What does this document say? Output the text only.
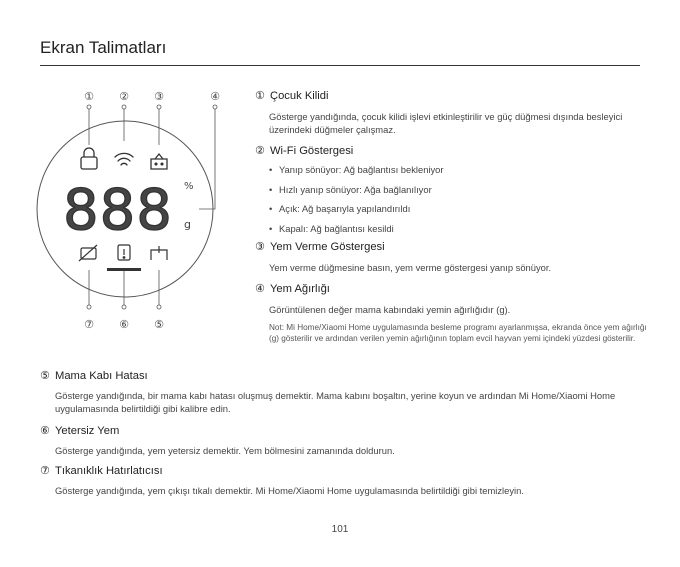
Ekran Talimatları
① ② ③	④
⑦ ⑥ ⑤
888 %
g

① Çocuk Kilidi

Gösterge yandığında, çocuk kilidi işlevi etkinleştirilir ve güç düğmesi dışında besleyici üzerindeki düğmeler çalışmaz.

② Wi-Fi Göstergesi

• Yanıp sönüyor: Ağ bağlantısı bekleniyor

• Hızlı yanıp sönüyor: Ağa bağlanılıyor

• Açık: Ağ başarıyla yapılandırıldı

• Kapalı: Ağ bağlantısı kesildi

③ Yem Verme Göstergesi

Yem verme düğmesine basın, yem verme göstergesi yanıp sönüyor.

④ Yem Ağırlığı

Görüntülenen değer mama kabındaki yemin ağırlığıdır (g).

Not: Mi Home/Xiaomi Home uygulamasında besleme programı ayarlanmışsa, ekranda önce yem ağırlığı (g) gösterilir ve ardından verilen yemin ağırlığının toplam evcil hayvan yemi içindeki yüzdesi gösterilir.

⑤ Mama Kabı Hatası

Gösterge yandığında, bir mama kabı hatası oluşmuş demektir. Mama kabını boşaltın, yerine koyun ve ardından Mi Home/Xiaomi Home uygulamasında belirtildiği gibi kalibre edin.

⑥ Yetersiz Yem

Gösterge yandığında, yem yetersiz demektir. Yem bölmesini zamanında doldurun.

⑦ Tıkanıklık Hatırlatıcısı

Gösterge yandığında, yem çıkışı tıkalı demektir. Mi Home/Xiaomi Home uygulamasında belirtildiği gibi temizleyin.

101
